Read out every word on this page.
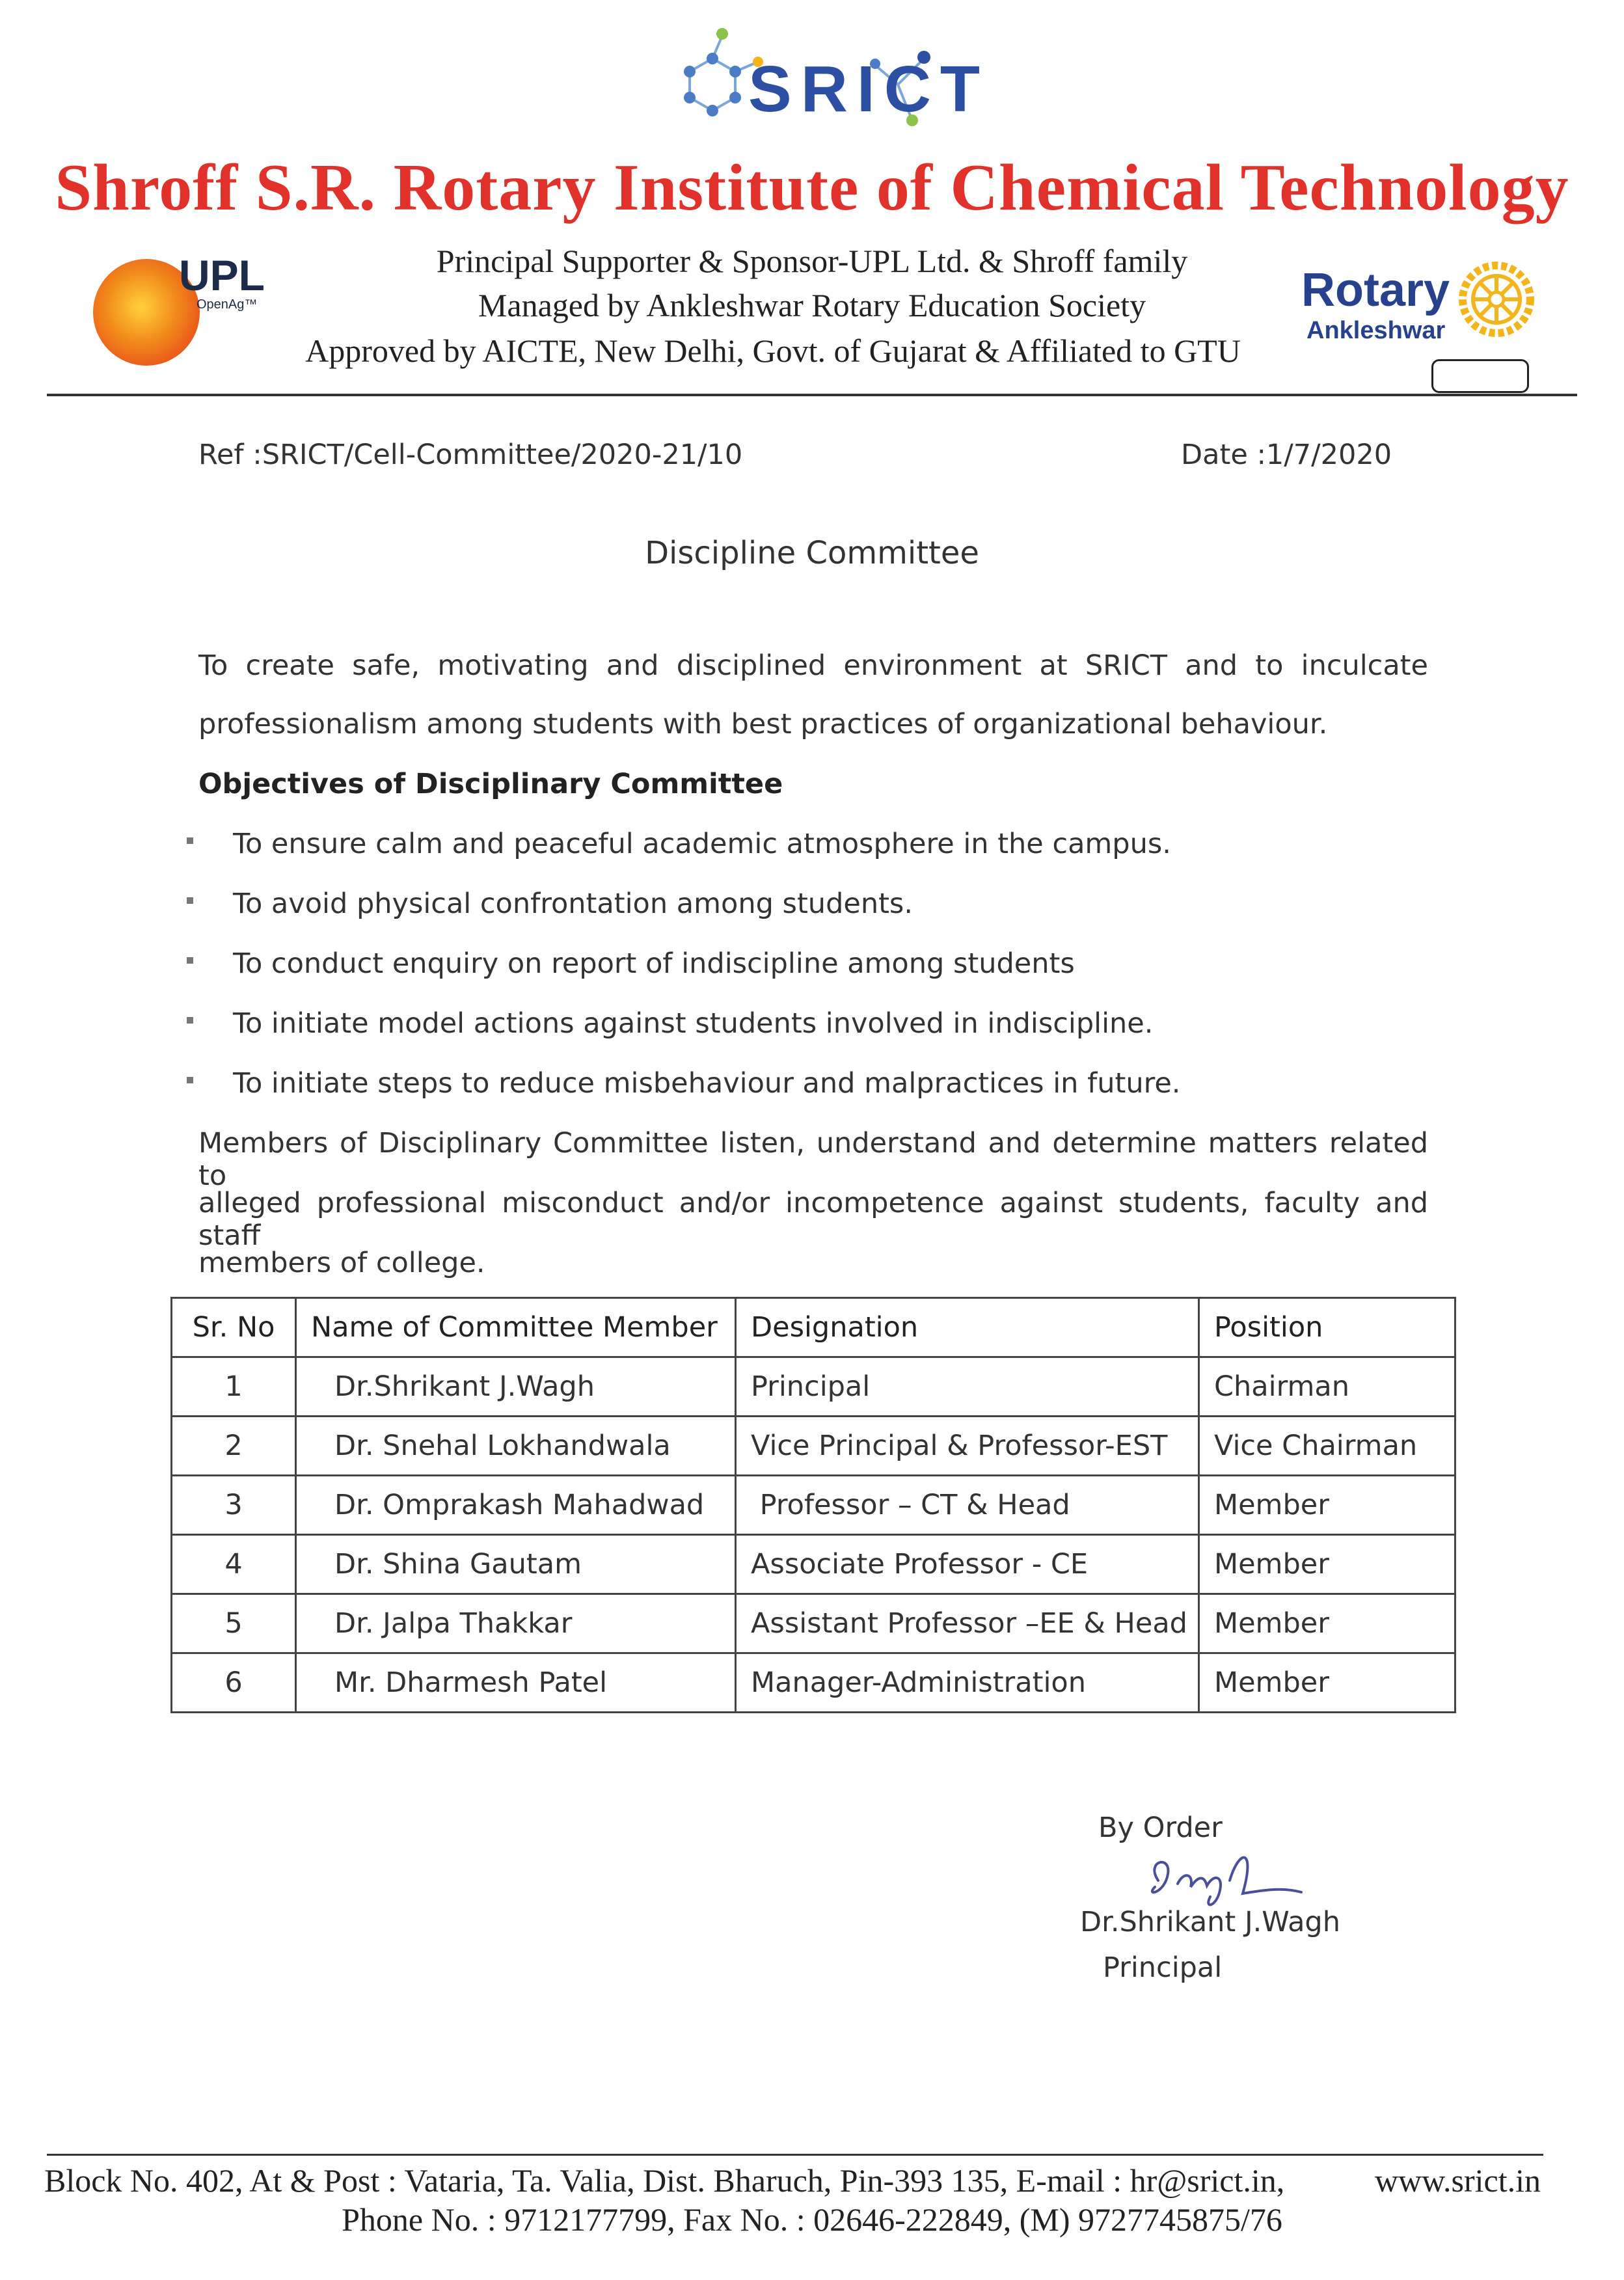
SRICT
Shroff S.R. Rotary Institute of Chemical Technology
Principal Supporter & Sponsor-UPL Ltd. & Shroff family
Managed by Ankleshwar Rotary Education Society
Approved by AICTE, New Delhi, Govt. of Gujarat & Affiliated to GTU
UPL
OpenAg™	Rotary
Ankleshwar
Ref :SRICT/Cell-Committee/2020-21/10	Date :1/7/2020
Discipline Committee
To create safe, motivating and disciplined environment at SRICT and to inculcate
professionalism among students with best practices of organizational behaviour.
Objectives of Disciplinary Committee
To ensure calm and peaceful academic atmosphere in the campus.
To avoid physical confrontation among students.
To conduct enquiry on report of indiscipline among students
To initiate model actions against students involved in indiscipline.
To initiate steps to reduce misbehaviour and malpractices in future.
Members of Disciplinary Committee listen, understand and determine matters related to
alleged professional misconduct and/or incompetence against students, faculty and staff
members of college.
Sr. No	Name of Committee Member	Designation	Position
1	Dr.Shrikant J.Wagh	Principal	Chairman
2	Dr. Snehal Lokhandwala	Vice Principal & Professor-EST	Vice Chairman
3	Dr. Omprakash Mahadwad	Professor – CT & Head	Member
4	Dr. Shina Gautam	Associate Professor - CE	Member
5	Dr. Jalpa Thakkar	Assistant Professor –EE & Head	Member
6	Mr. Dharmesh Patel	Manager-Administration	Member
By Order
Dr.Shrikant J.Wagh
Principal
Block No. 402, At & Post : Vataria, Ta. Valia, Dist. Bharuch, Pin-393 135, E-mail : hr@srict.in,	www.srict.in
Phone No. : 9712177799, Fax No. : 02646-222849, (M) 9727745875/76
